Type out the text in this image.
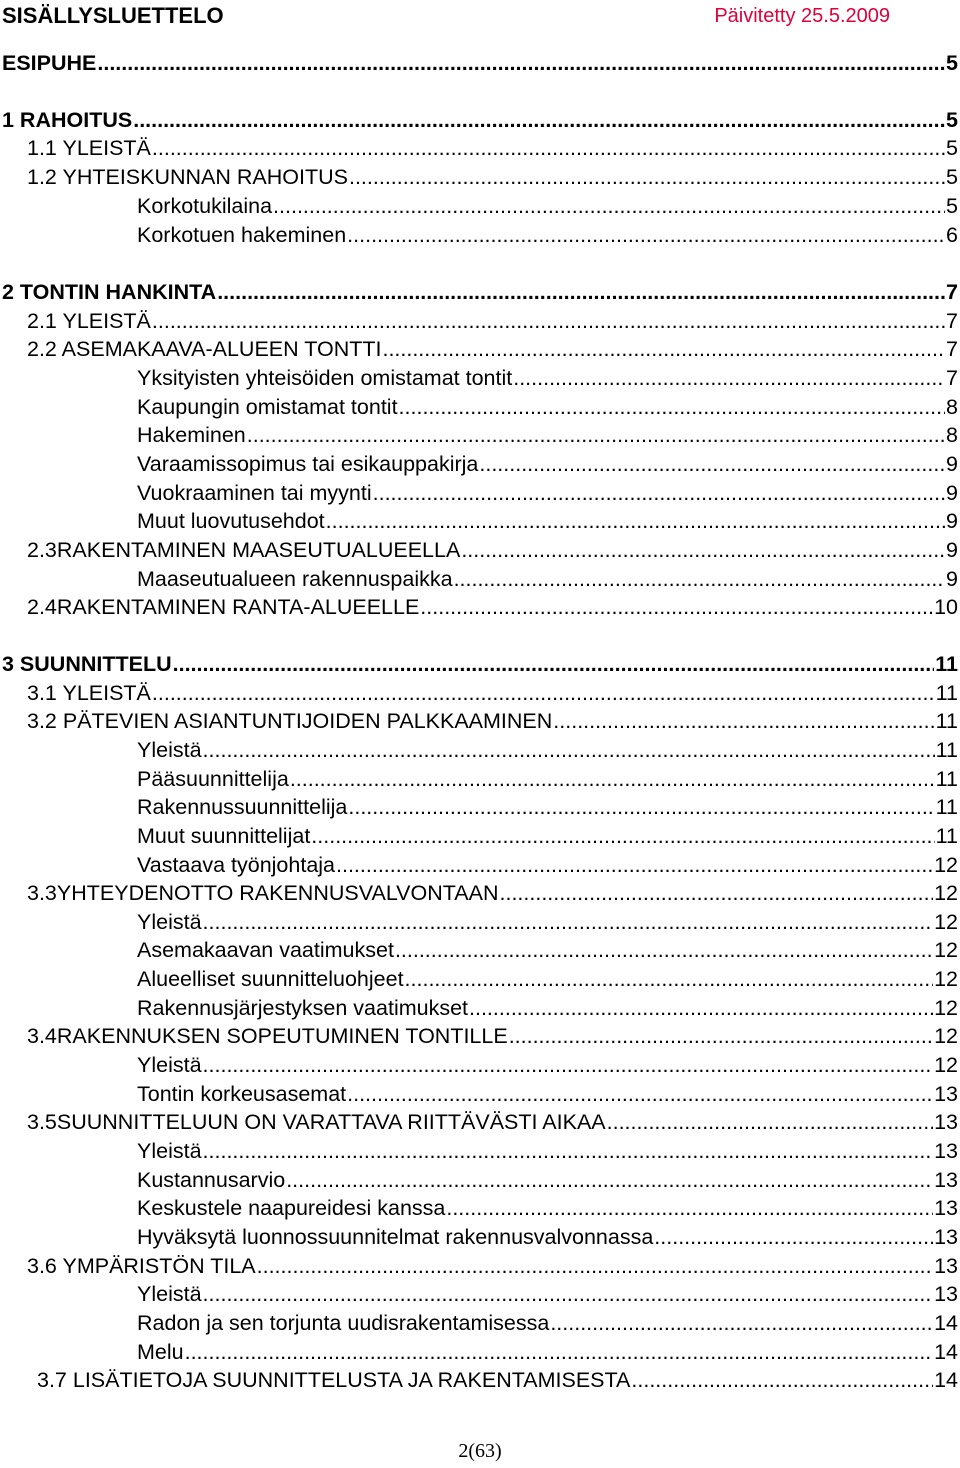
SISÄLLYSLUETTELO	Päivitetty 25.5.2009
ESIPUHE .....	5
1 RAHOITUS .....	5
1.1 YLEISTÄ .....	5
1.2 YHTEISKUNNAN RAHOITUS .....	5
Korkotukilaina .....	5
Korkotuen hakeminen .....	6
2 TONTIN HANKINTA .....	7
2.1 YLEISTÄ .....	7
2.2 ASEMAKAAVA-ALUEEN TONTTI .....	7
Yksityisten yhteisöiden omistamat tontit .....	7
Kaupungin omistamat tontit .....	8
Hakeminen .....	8
Varaamissopimus tai esikauppakirja .....	9
Vuokraaminen tai myynti .....	9
Muut luovutusehdot .....	9
2.3 RAKENTAMINEN MAASEUTUALUEELLA .....	9
Maaseutualueen rakennuspaikka .....	9
2.4 RAKENTAMINEN RANTA-ALUEELLE .....	10
3 SUUNNITTELU .....	11
3.1 YLEISTÄ .....	11
3.2 PÄTEVIEN ASIANTUNTIJOIDEN PALKKAAMINEN .....	11
Yleistä .....	11
Pääsuunnittelija .....	11
Rakennussuunnittelija .....	11
Muut suunnittelijat .....	11
Vastaava työnjohtaja .....	12
3.3 YHTEYDENOTTO RAKENNUSVALVONTAAN .....	12
Yleistä .....	12
Asemakaavan vaatimukset .....	12
Alueelliset suunnitteluohjeet .....	12
Rakennusjärjestyksen vaatimukset .....	12
3.4 RAKENNUKSEN SOPEUTUMINEN TONTILLE .....	12
Yleistä .....	12
Tontin korkeusasemat .....	13
3.5 SUUNNITTELUUN ON VARATTAVA RIITTÄVÄSTI AIKAA .....	13
Yleistä .....	13
Kustannusarvio .....	13
Keskustele naapureidesi kanssa .....	13
Hyväksytä luonnossuunnitelmat rakennusvalvonnassa .....	13
3.6 YMPÄRISTÖN TILA .....	13
Yleistä .....	13
Radon ja sen torjunta uudisrakentamisessa .....	14
Melu .....	14
3.7 LISÄTIETOJA SUUNNITTELUSTA JA RAKENTAMISESTA .....	14
2(63)
